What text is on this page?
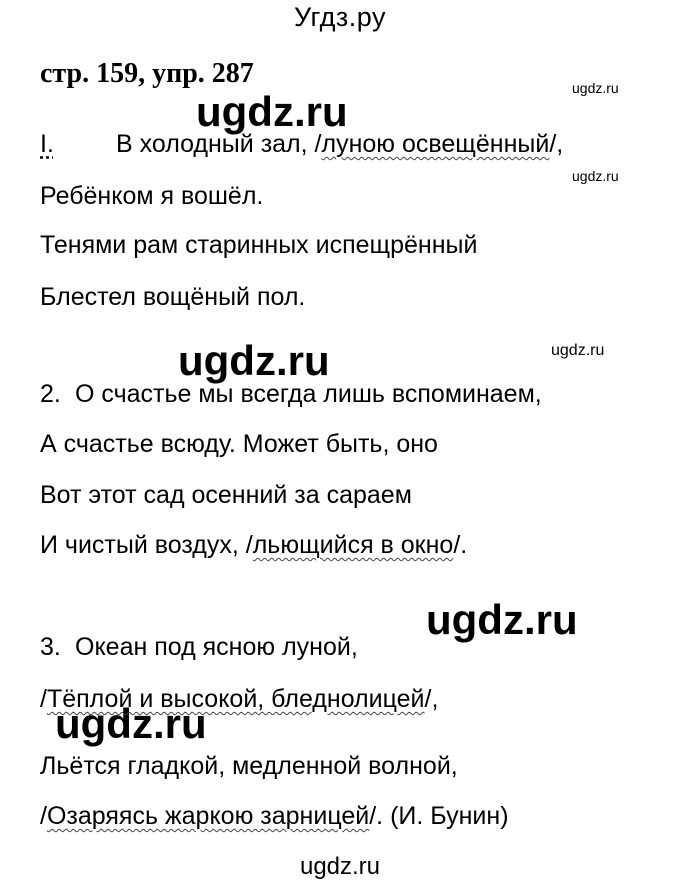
Угдз.ру
стр. 159, упр. 287	ugdz.ru
ugdz.ru
ugdz.ru
ugdz.ru	ugdz.ru
ugdz.ru
ugdz.ru
ugdz.ru
I. В холодный зал, /луною освещённый/,
Ребёнком я вошёл.
Тенями рам старинных испещрённый
Блестел вощёный пол.
2. О счастье мы всегда лишь вспоминаем,
А счастье всюду. Может быть, оно
Вот этот сад осенний за сараем
И чистый воздух, /льющийся в окно/.
3. Океан под ясною луной,
/Тёплой и высокой, бледнолицей/,
Льётся гладкой, медленной волной,
/Озаряясь жаркою зарницей/. (И. Бунин)
